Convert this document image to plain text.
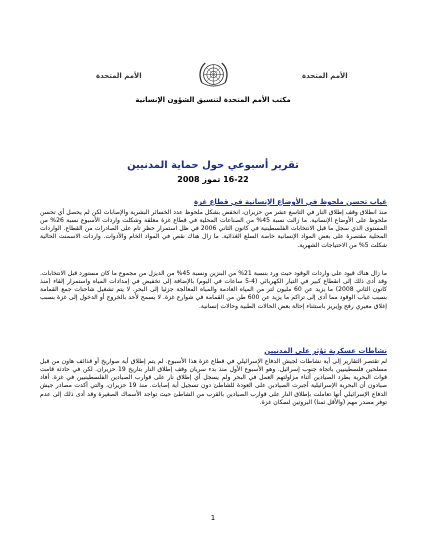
الأمم المتحدة	الأمم المتحدة
مكتب الأمم المتحدة لتنسيق الشؤون الإنسانية
تقرير أسبوعي حول حماية المدنيين
16-22 تموز 2008
غياب تحسن ملحوظ في الأوضاع الإنسانية في قطاع غزة
منذ انطلاق وقف إطلاق النار في التاسع عشر من حزيران، انخفض بشكل ملحوظ عدد الخسائر البشرية والإصابات لكن لم يحصل أي تحسن ملحوظ على الأوضاع الإنسانية. ما زالت نسبة 45% من الصناعات المحلية في قطاع غزة مغلقة وشكلت واردات الأسبوع نسبة 26% من المستوى الذي سجل ما قبل الانتخابات الفلسطينية في كانون الثاني 2006 في ظل استمرار حظر تام على الصادرات من القطاع. الواردات المحلية مقتصرة على بعض المواد الإنسانية خاصة السلع الغذائية. ما زال هناك نقص في المواد الخام والأدوات. واردات الاسمنت الحالية شكلت 5% من الاحتياجات الشهرية.
ما زال هناك قيود على واردات الوقود حيث ورد بنسبة 21% من البنزين ونسبة 45% من الديزل من مجموع ما كان مستورد قبل الانتخابات. وقد أدى ذلك إلى انقطاع كبير في التيار الكهربائي (4-5 ساعات في اليوم) بالإضافة إلى تخفيض في إمدادات المياه واستمرار إلقاء (منذ كانون الثاني 2008) ما يزيد عن 60 مليون لتر من المياه العادمة والمياه المعالجة جزئيا إلى البحر. لا يتم تشغيل شاحنات جمع القمامة بسبب غياب الوقود مما أدى إلى تراكم ما يزيد عن 600 طن من القمامة في شوارع غزة. لا يسمح لأحد بالخروج أو الدخول إلى غزة بسبب إغلاق معبري رفح وإيريز باستثناء إحالة بعض الحالات الطبية وحالات إنسانية.
نشاطات عسكرية تؤثر على المدنيين
لم تقتصر التقارير إلى أية نشاطات لجيش الدفاع الإسرائيلي في قطاع غزة هذا الأسبوع. لم يتم إطلاق أية صواريخ أو قذائف هاون من قبل مسلحين فلسطينيين باتجاه جنوب إسرائيل. وهو الأسبوع الأول منذ بدء سريان وقف إطلاق النار بتاريخ 19 حزيران. لكن في حادثة قامت قوات البحرية بطرد الصيادين أثناء مزاولتهم العمل في البحر ولم يسجل أي إطلاق نار على قوارب الصيادين الفلسطينيين في غزة. أفاد صيادون أن البحرية الإسرائيلية أجبرت الصيادين على العودة للشاطئ دون تسجيل أية إصابات. منذ 19 حزيران، والتي أكدت مصادر جيش الدفاع الإسرائيلي أنها تعاملت بإطلاق النار على قوارب الصيادين بالقرب من الشاطئ حيث تواجد الأسماك الصغيرة وقد أدى ذلك إلى عدم توفر مصدر مهم (والأقل ثمنا) البروتين لسكان غزة.
1
